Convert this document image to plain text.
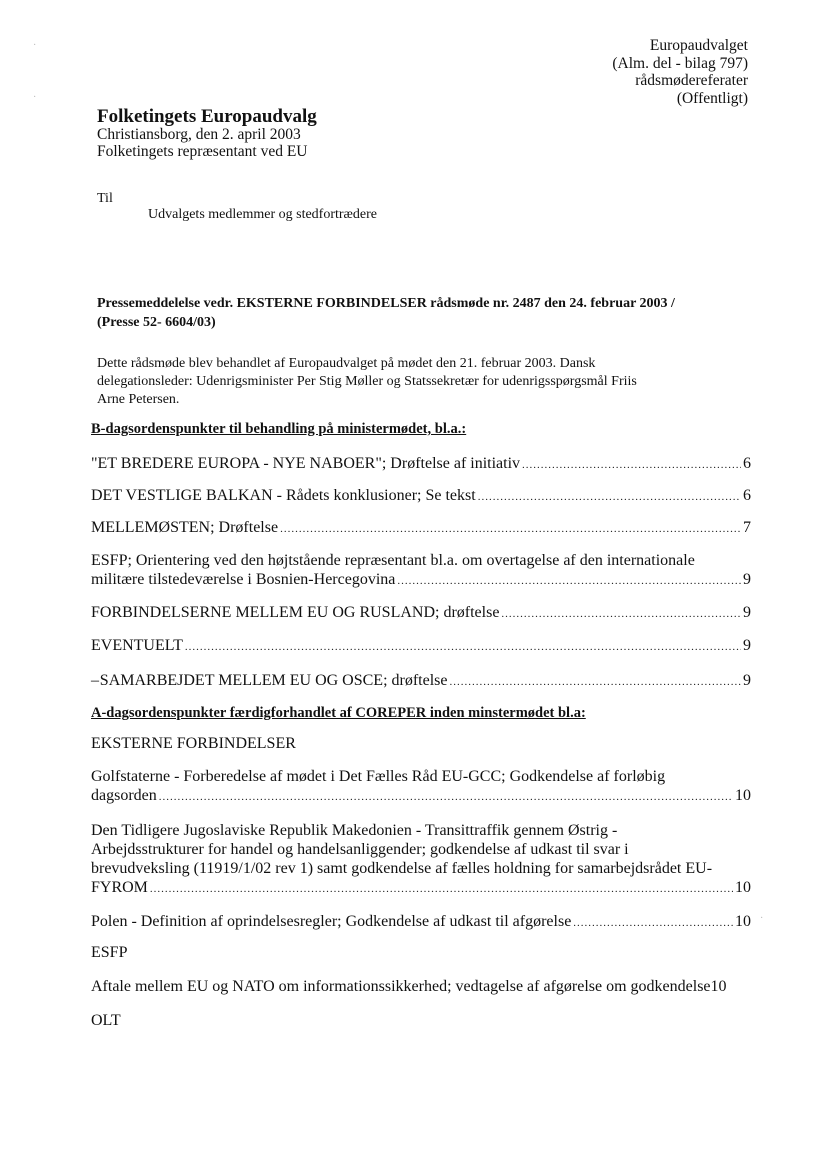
Europaudvalget
(Alm. del - bilag 797)
rådsmødereferater
(Offentligt)
Folketingets Europaudvalg
Christiansborg, den 2. april 2003
Folketingets repræsentant ved EU
Til
Udvalgets medlemmer og stedfortrædere
Pressemeddelelse vedr. EKSTERNE FORBINDELSER rådsmøde nr. 2487 den 24. februar 2003 /
(Presse 52- 6604/03)
Dette rådsmøde blev behandlet af Europaudvalget på mødet den 21. februar 2003. Dansk
delegationsleder: Udenrigsminister Per Stig Møller og Statssekretær for udenrigsspørgsmål Friis
Arne Petersen.
B-dagsordenspunkter til behandling på ministermødet, bl.a.:
"ET BREDERE EUROPA - NYE NABOER"; Drøftelse af initiativ .....	6
DET VESTLIGE BALKAN - Rådets konklusioner; Se tekst .....	6
MELLEMØSTEN; Drøftelse .....	7
ESFP; Orientering ved den højtstående repræsentant bl.a. om overtagelse af den internationale
militære tilstedeværelse i Bosnien-Hercegovina .....	9
FORBINDELSERNE MELLEM EU OG RUSLAND; drøftelse .....	9
EVENTUELT .....	9
– SAMARBEJDET MELLEM EU OG OSCE; drøftelse .....	9
A-dagsordenspunkter færdigforhandlet af COREPER inden minstermødet bl.a:
EKSTERNE FORBINDELSER
Golfstaterne - Forberedelse af mødet i Det Fælles Råd EU-GCC; Godkendelse af forløbig
dagsorden .....	10
Den Tidligere Jugoslaviske Republik Makedonien - Transittraffik gennem Østrig -
Arbejdsstrukturer for handel og handelsanliggender; godkendelse af udkast til svar i
brevudveksling (11919/1/02 rev 1) samt godkendelse af fælles holdning for samarbejdsrådet EU-
FYROM .....	10
Polen - Definition af oprindelsesregler; Godkendelse af udkast til afgørelse .....	10
ESFP
Aftale mellem EU og NATO om informationssikkerhed; vedtagelse af afgørelse om godkendelse10
OLT
·
·
·
